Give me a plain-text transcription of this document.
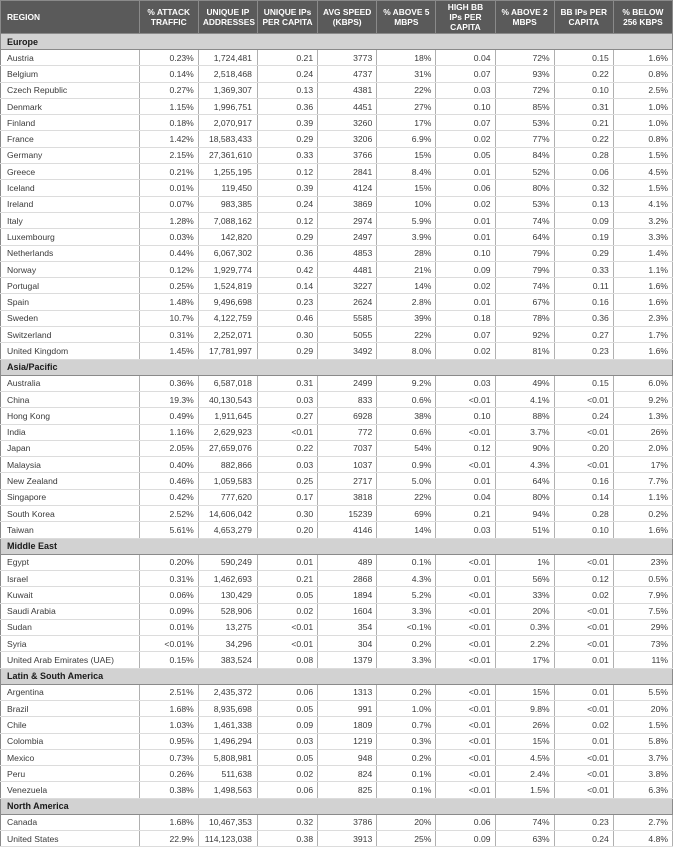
REGION	% ATTACK TRAFFIC	UNIQUE IP ADDRESSES	UNIQUE IPs PER CAPITA	AVG SPEED (KBPS)	% ABOVE 5 MBPS	HIGH BB IPs PER CAPITA	% ABOVE 2 MBPS	BB IPs PER CAPITA	% BELOW 256 KBPS
Europe									
Austria	0.23%	1,724,481	0.21	3773	18%	0.04	72%	0.15	1.6%
Belgium	0.14%	2,518,468	0.24	4737	31%	0.07	93%	0.22	0.8%
Czech Republic	0.27%	1,369,307	0.13	4381	22%	0.03	72%	0.10	2.5%
Denmark	1.15%	1,996,751	0.36	4451	27%	0.10	85%	0.31	1.0%
Finland	0.18%	2,070,917	0.39	3260	17%	0.07	53%	0.21	1.0%
France	1.42%	18,583,433	0.29	3206	6.9%	0.02	77%	0.22	0.8%
Germany	2.15%	27,361,610	0.33	3766	15%	0.05	84%	0.28	1.5%
Greece	0.21%	1,255,195	0.12	2841	8.4%	0.01	52%	0.06	4.5%
Iceland	0.01%	119,450	0.39	4124	15%	0.06	80%	0.32	1.5%
Ireland	0.07%	983,385	0.24	3869	10%	0.02	53%	0.13	4.1%
Italy	1.28%	7,088,162	0.12	2974	5.9%	0.01	74%	0.09	3.2%
Luxembourg	0.03%	142,820	0.29	2497	3.9%	0.01	64%	0.19	3.3%
Netherlands	0.44%	6,067,302	0.36	4853	28%	0.10	79%	0.29	1.4%
Norway	0.12%	1,929,774	0.42	4481	21%	0.09	79%	0.33	1.1%
Portugal	0.25%	1,524,819	0.14	3227	14%	0.02	74%	0.11	1.6%
Spain	1.48%	9,496,698	0.23	2624	2.8%	0.01	67%	0.16	1.6%
Sweden	10.7%	4,122,759	0.46	5585	39%	0.18	78%	0.36	2.3%
Switzerland	0.31%	2,252,071	0.30	5055	22%	0.07	92%	0.27	1.7%
United Kingdom	1.45%	17,781,997	0.29	3492	8.0%	0.02	81%	0.23	1.6%
Asia/Pacific									
Australia	0.36%	6,587,018	0.31	2499	9.2%	0.03	49%	0.15	6.0%
China	19.3%	40,130,543	0.03	833	0.6%	<0.01	4.1%	<0.01	9.2%
Hong Kong	0.49%	1,911,645	0.27	6928	38%	0.10	88%	0.24	1.3%
India	1.16%	2,629,923	<0.01	772	0.6%	<0.01	3.7%	<0.01	26%
Japan	2.05%	27,659,076	0.22	7037	54%	0.12	90%	0.20	2.0%
Malaysia	0.40%	882,866	0.03	1037	0.9%	<0.01	4.3%	<0.01	17%
New Zealand	0.46%	1,059,583	0.25	2717	5.0%	0.01	64%	0.16	7.7%
Singapore	0.42%	777,620	0.17	3818	22%	0.04	80%	0.14	1.1%
South Korea	2.52%	14,606,042	0.30	15239	69%	0.21	94%	0.28	0.2%
Taiwan	5.61%	4,653,279	0.20	4146	14%	0.03	51%	0.10	1.6%
Middle East									
Egypt	0.20%	590,249	0.01	489	0.1%	<0.01	1%	<0.01	23%
Israel	0.31%	1,462,693	0.21	2868	4.3%	0.01	56%	0.12	0.5%
Kuwait	0.06%	130,429	0.05	1894	5.2%	<0.01	33%	0.02	7.9%
Saudi Arabia	0.09%	528,906	0.02	1604	3.3%	<0.01	20%	<0.01	7.5%
Sudan	0.01%	13,275	<0.01	354	<0.1%	<0.01	0.3%	<0.01	29%
Syria	<0.01%	34,296	<0.01	304	0.2%	<0.01	2.2%	<0.01	73%
United Arab Emirates (UAE)	0.15%	383,524	0.08	1379	3.3%	<0.01	17%	0.01	11%
Latin & South America									
Argentina	2.51%	2,435,372	0.06	1313	0.2%	<0.01	15%	0.01	5.5%
Brazil	1.68%	8,935,698	0.05	991	1.0%	<0.01	9.8%	<0.01	20%
Chile	1.03%	1,461,338	0.09	1809	0.7%	<0.01	26%	0.02	1.5%
Colombia	0.95%	1,496,294	0.03	1219	0.3%	<0.01	15%	0.01	5.8%
Mexico	0.73%	5,808,981	0.05	948	0.2%	<0.01	4.5%	<0.01	3.7%
Peru	0.26%	511,638	0.02	824	0.1%	<0.01	2.4%	<0.01	3.8%
Venezuela	0.38%	1,498,563	0.06	825	0.1%	<0.01	1.5%	<0.01	6.3%
North America									
Canada	1.68%	10,467,353	0.32	3786	20%	0.06	74%	0.23	2.7%
United States	22.9%	114,123,038	0.38	3913	25%	0.09	63%	0.24	4.8%
